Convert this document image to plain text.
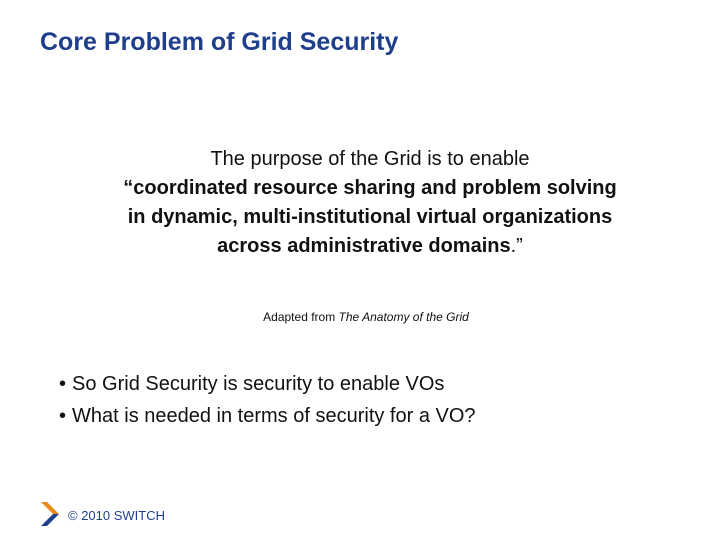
Core Problem of Grid Security
The purpose of the Grid is to enable
“coordinated resource sharing and problem solving
in dynamic, multi-institutional virtual organizations
across administrative domains.”
Adapted from The Anatomy of the Grid
• So Grid Security is security to enable VOs
• What is needed in terms of security for a VO?
© 2010 SWITCH
